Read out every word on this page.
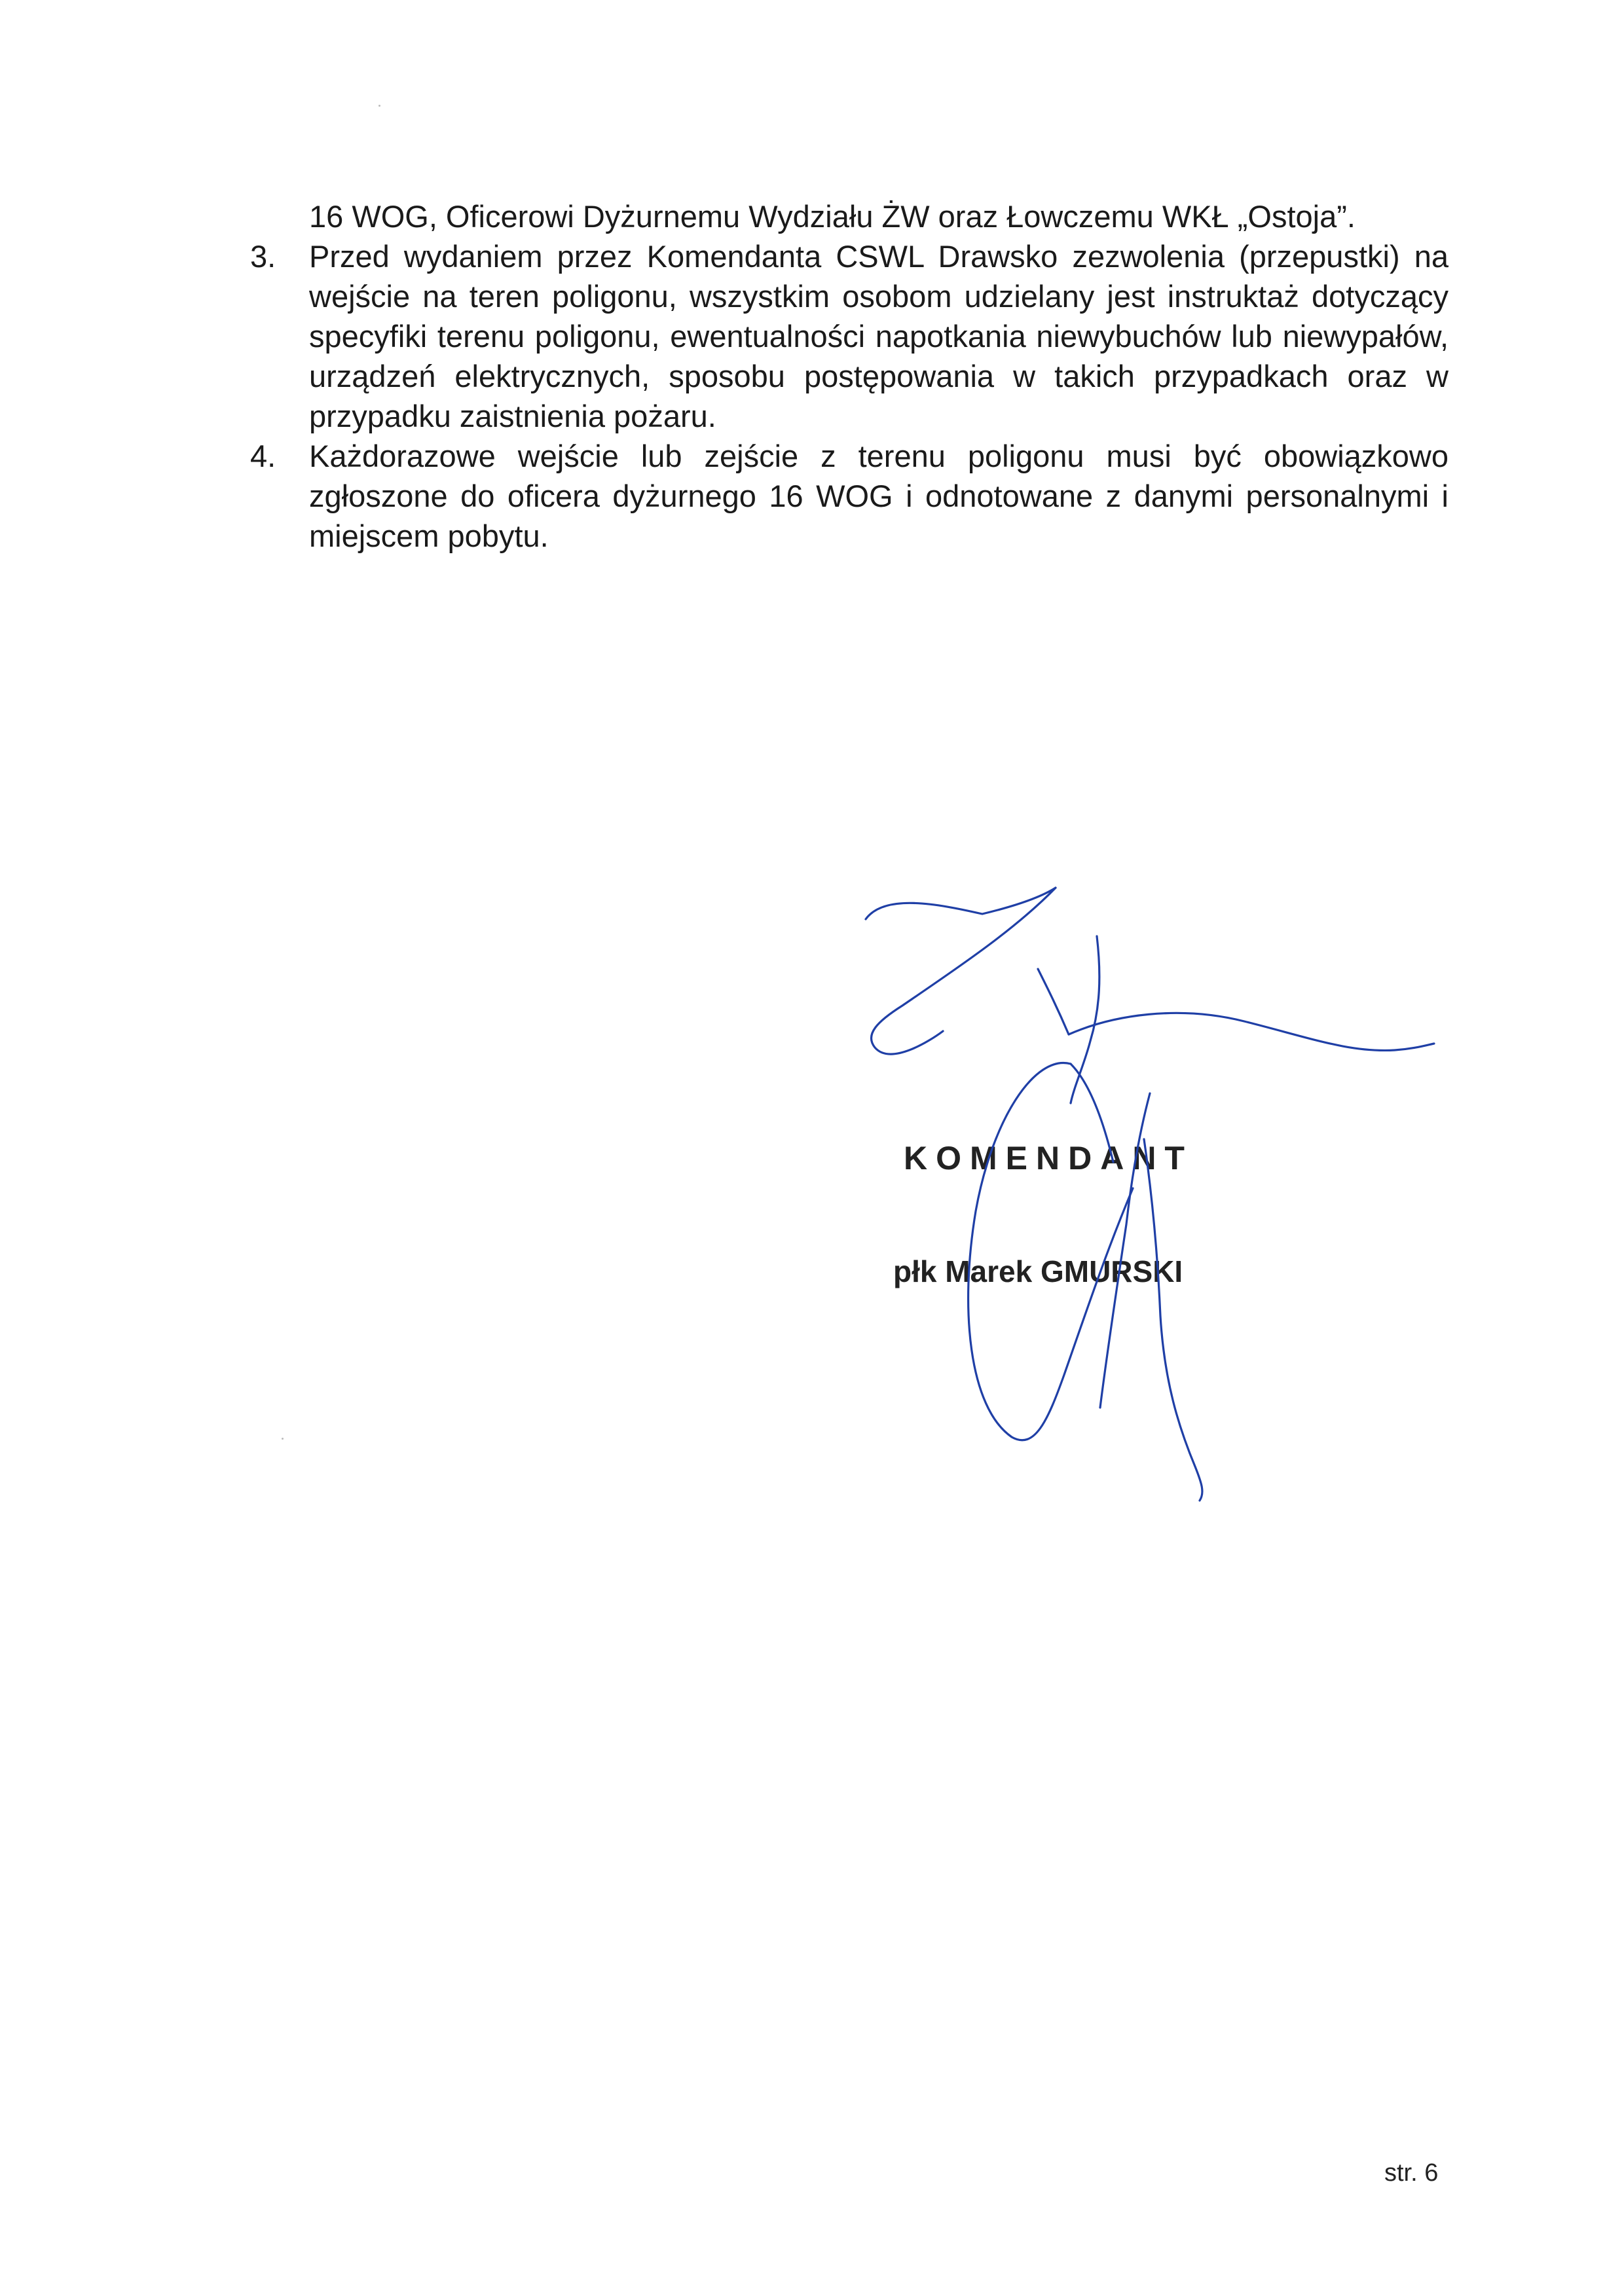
16 WOG, Oficerowi Dyżurnemu Wydziału ŻW oraz Łowczemu WKŁ „Ostoja”.

3. Przed wydaniem przez Komendanta CSWL Drawsko zezwolenia (przepustki) na wejście na teren poligonu, wszystkim osobom udzielany jest instruktaż dotyczący specyfiki terenu poligonu, ewentualności napotkania niewybuchów lub niewypałów, urządzeń elektrycznych, sposobu postępowania w takich przypadkach oraz w przypadku zaistnienia pożaru.

4. Każdorazowe wejście lub zejście z terenu poligonu musi być obowiązkowo zgłoszone do oficera dyżurnego 16 WOG i odnotowane z danymi personalnymi i miejscem pobytu.

KOMENDANT
płk Marek GMURSKI
str. 6
